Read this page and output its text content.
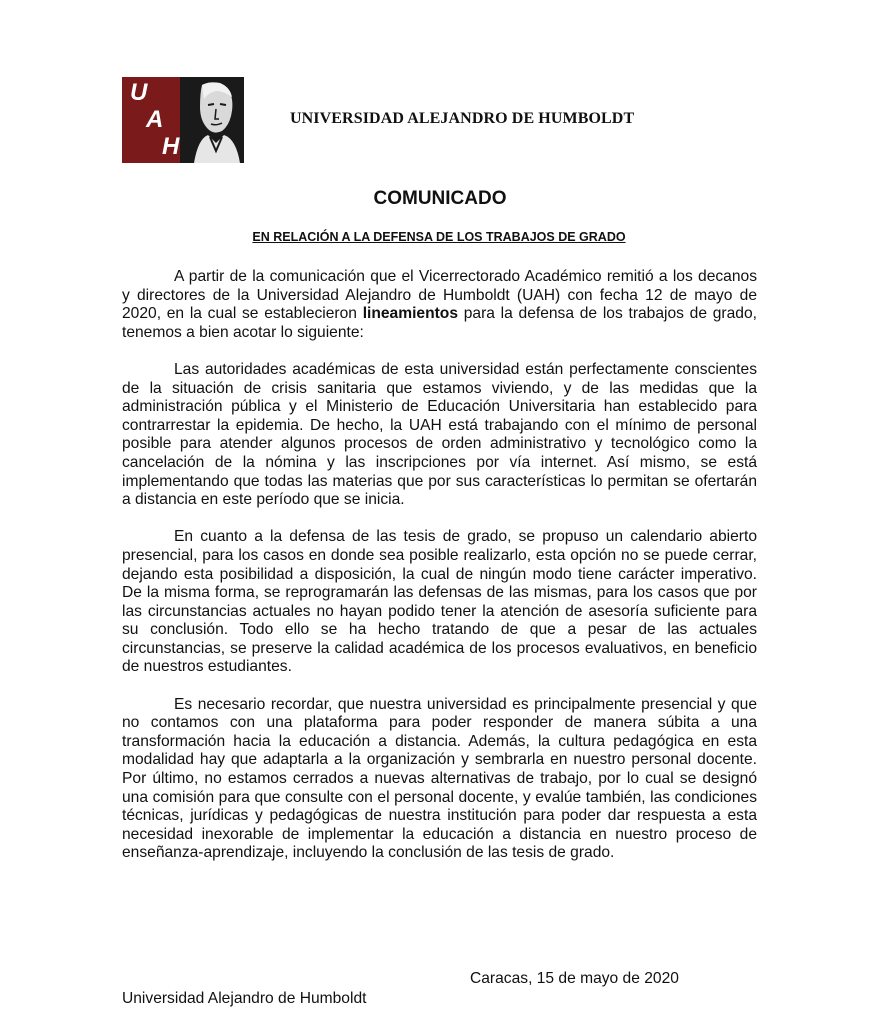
U
A
H
UNIVERSIDAD ALEJANDRO DE HUMBOLDT
COMUNICADO
EN RELACIÓN A LA DEFENSA DE LOS TRABAJOS DE GRADO

A partir de la comunicación que el Vicerrectorado Académico remitió a los decanos y directores de la Universidad Alejandro de Humboldt (UAH) con fecha 12 de mayo de 2020, en la cual se establecieron lineamientos para la defensa de los trabajos de grado, tenemos a bien acotar lo siguiente:

Las autoridades académicas de esta universidad están perfectamente conscientes de la situación de crisis sanitaria que estamos viviendo, y de las medidas que la administración pública y el Ministerio de Educación Universitaria han establecido para contrarrestar la epidemia. De hecho, la UAH está trabajando con el mínimo de personal posible para atender algunos procesos de orden administrativo y tecnológico como la cancelación de la nómina y las inscripciones por vía internet. Así mismo, se está implementando que todas las materias que por sus características lo permitan se ofertarán a distancia en este período que se inicia.

En cuanto a la defensa de las tesis de grado, se propuso un calendario abierto presencial, para los casos en donde sea posible realizarlo, esta opción no se puede cerrar, dejando esta posibilidad a disposición, la cual de ningún modo tiene carácter imperativo. De la misma forma, se reprogramarán las defensas de las mismas, para los casos que por las circunstancias actuales no hayan podido tener la atención de asesoría suficiente para su conclusión. Todo ello se ha hecho tratando de que a pesar de las actuales circunstancias, se preserve la calidad académica de los procesos evaluativos, en beneficio de nuestros estudiantes.

Es necesario recordar, que nuestra universidad es principalmente presencial y que no contamos con una plataforma para poder responder de manera súbita a una transformación hacia la educación a distancia. Además, la cultura pedagógica en esta modalidad hay que adaptarla a la organización y sembrarla en nuestro personal docente. Por último, no estamos cerrados a nuevas alternativas de trabajo, por lo cual se designó una comisión para que consulte con el personal docente, y evalúe también, las condiciones técnicas, jurídicas y pedagógicas de nuestra institución para poder dar respuesta a esta necesidad inexorable de implementar la educación a distancia en nuestro proceso de enseñanza-aprendizaje, incluyendo la conclusión de las tesis de grado.

Caracas, 15 de mayo de 2020
Universidad Alejandro de Humboldt
